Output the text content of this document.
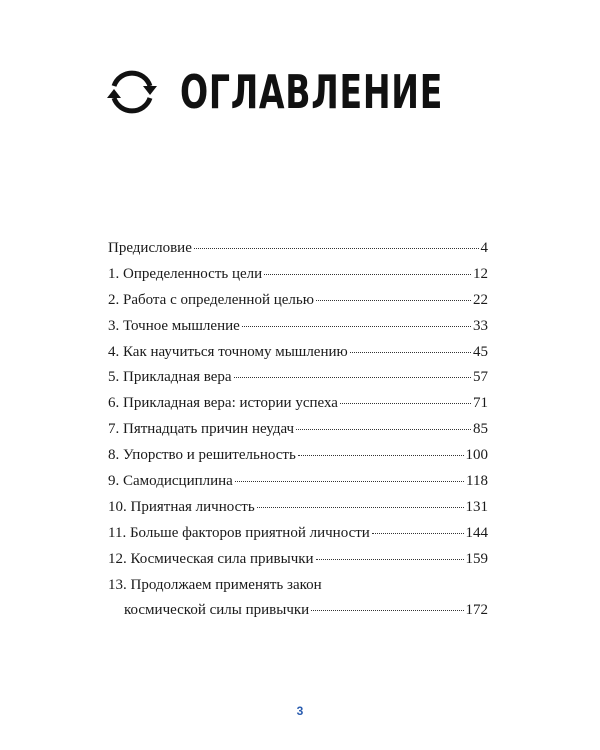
ОГЛАВЛЕНИЕ
Предисловие	4
1. Определенность цели	12
2. Работа с определенной целью	22
3. Точное мышление	33
4. Как научиться точному мышлению	45
5. Прикладная вера	57
6. Прикладная вера: истории успеха	71
7. Пятнадцать причин неудач	85
8. Упорство и решительность	100
9. Самодисциплина	118
10. Приятная личность	131
11. Больше факторов приятной личности	144
12. Космическая сила привычки	159
13. Продолжаем применять закон
космической силы привычки	172
3
